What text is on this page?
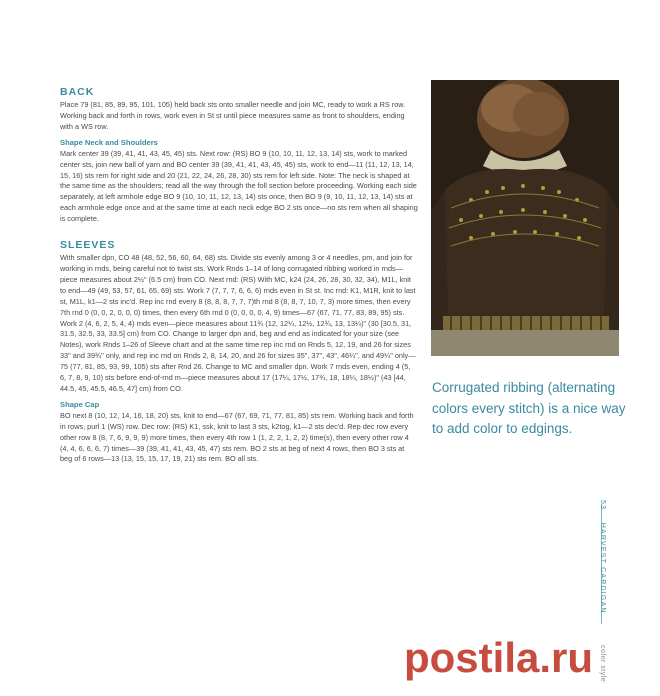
BACK

Place 79 (81, 85, 89, 95, 101, 105) held back sts onto smaller needle and join MC, ready to work a RS row. Working back and forth in rows, work even in St st until piece measures same as front to shoulders, ending with a WS row.

Shape Neck and Shoulders

Mark center 39 (39, 41, 41, 43, 45, 45) sts. Next row: (RS) BO 9 (10, 10, 11, 12, 13, 14) sts, work to marked center sts, join new ball of yarn and BO center 39 (39, 41, 41, 43, 45, 45) sts, work to end—11 (11, 12, 13, 14, 15, 16) sts rem for right side and 20 (21, 22, 24, 26, 28, 30) sts rem for left side. Note: The neck is shaped at the same time as the shoulders; read all the way through the foll section before proceeding. Working each side separately, at left armhole edge BO 9 (10, 10, 11, 12, 13, 14) sts once, then BO 9 (9, 10, 11, 12, 13, 14) sts at each armhole edge once and at the same time at each neck edge BO 2 sts once—no sts rem when all shaping is complete.

SLEEVES

With smaller dpn, CO 48 (48, 52, 56, 60, 64, 68) sts. Divide sts evenly among 3 or 4 needles, pm, and join for working in rnds, being careful not to twist sts. Work Rnds 1–14 of long corrugated ribbing worked in rnds—piece measures about 2½" (6.5 cm) from CO. Next rnd: (RS) With MC, k24 (24, 26, 28, 30, 32, 34), M1L, knit to end—49 (49, 53, 57, 61, 65, 69) sts. Work 7 (7, 7, 7, 6, 6, 6) rnds even in St st. Inc rnd: K1, M1R, knit to last st, M1L, k1—2 sts inc'd. Rep inc rnd every 8 (8, 8, 8, 7, 7, 7)th rnd 8 (8, 8, 7, 10, 7, 3) more times, then every 7th rnd 0 (0, 0, 2, 0, 0, 0) times, then every 6th rnd 0 (0, 0, 0, 0, 4, 9) times—67 (67, 71, 77, 83, 89, 95) sts. Work 2 (4, 6, 2, 5, 4, 4) rnds even—piece measures about 11¾ (12, 12¼, 12½, 12¾, 13, 13¼)" (30 [30.5, 31, 31.5, 32.5, 33, 33.5] cm) from CO. Change to larger dpn and, beg and end as indicated for your size (see Notes), work Rnds 1–26 of Sleeve chart and at the same time rep inc rnd on Rnds 5, 12, 19, and 26 for sizes 33" and 39¾" only, and rep inc rnd on Rnds 2, 8, 14, 20, and 26 for sizes 35", 37", 43", 46¼", and 49¼" only—75 (77, 81, 85, 93, 99, 105) sts after Rnd 26. Change to MC and smaller dpn. Work 7 rnds even, ending 4 (5, 6, 7, 8, 9, 10) sts before end-of-rnd m—piece measures about 17 (17¼, 17½, 17¾, 18, 18¼, 18½)" (43 [44, 44.5, 45, 45.5, 46.5, 47] cm) from CO.

Shape Cap

BO next 8 (10, 12, 14, 16, 18, 20) sts, knit to end—67 (67, 69, 71, 77, 81, 85) sts rem. Working back and forth in rows, purl 1 (WS) row. Dec row: (RS) K1, ssk, knit to last 3 sts, k2tog, k1—2 sts dec'd. Rep dec row every other row 8 (8, 7, 6, 9, 9, 9) more times, then every 4th row 1 (1, 2, 2, 1, 2, 2) time(s), then every other row 4 (4, 4, 6, 6, 6, 7) times—39 (39, 41, 41, 43, 45, 47) sts rem. BO 2 sts at beg of next 4 rows, then BO 3 sts at beg of 6 rows—13 (13, 15, 15, 17, 19, 21) sts rem. BO all sts.

Corrugated ribbing (alternating colors every stitch) is a nice way to add color to edgings.
53    HARVEST CARDIGAN          color style
postila.ru
